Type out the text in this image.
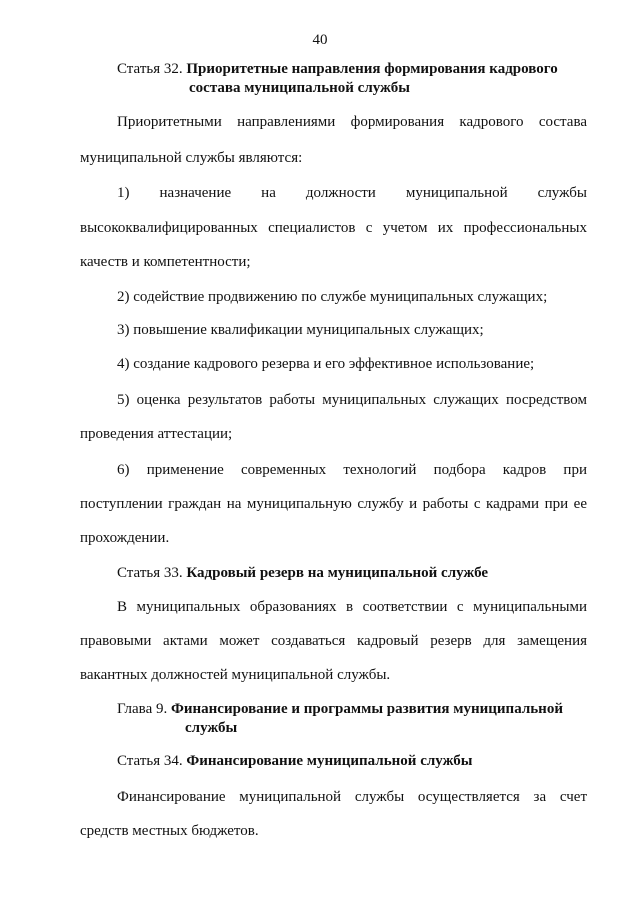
40
Статья 32. Приоритетные направления формирования кадрового
состава муниципальной службы
Приоритетными направлениями формирования кадрового состава
муниципальной службы являются:
1) назначение на должности муниципальной службы
высококвалифицированных специалистов с учетом их профессиональных
качеств и компетентности;
2) содействие продвижению по службе муниципальных служащих;
3) повышение квалификации муниципальных служащих;
4) создание кадрового резерва и его эффективное использование;
5) оценка результатов работы муниципальных служащих посредством
проведения аттестации;
6) применение современных технологий подбора кадров при
поступлении граждан на муниципальную службу и работы с кадрами при ее
прохождении.
Статья 33. Кадровый резерв на муниципальной службе
В муниципальных образованиях в соответствии с муниципальными
правовыми актами может создаваться кадровый резерв для замещения
вакантных должностей муниципальной службы.
Глава 9. Финансирование и программы развития муниципальной
службы
Статья 34. Финансирование муниципальной службы
Финансирование муниципальной службы осуществляется за счет
средств местных бюджетов.
